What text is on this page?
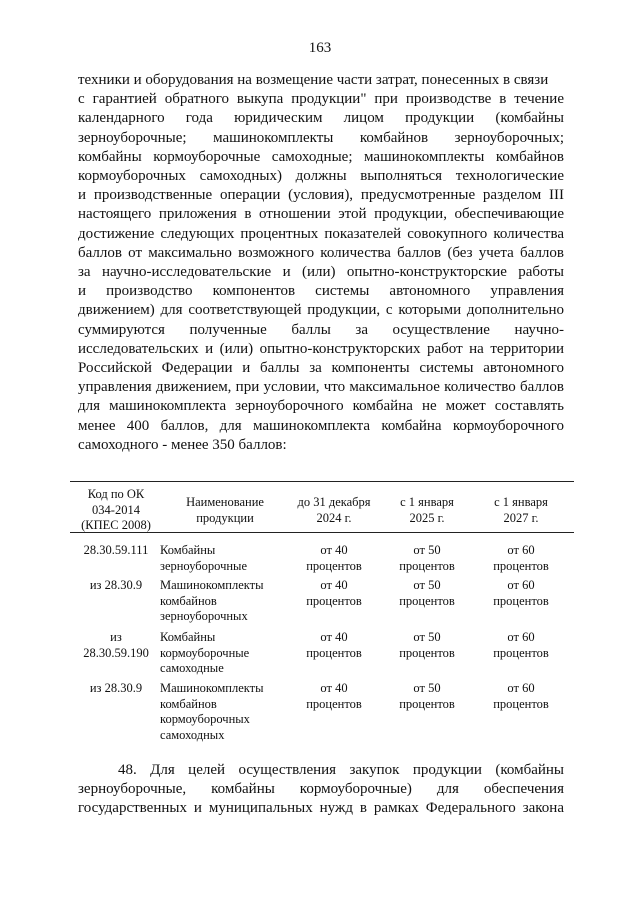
163

техники и оборудования на возмещение части затрат, понесенных в связи
с гарантией обратного выкупа продукции" при производстве в течение
календарного года юридическим лицом продукции (комбайны
зерноуборочные; машинокомплекты комбайнов зерноуборочных;
комбайны кормоуборочные самоходные; машинокомплекты комбайнов
кормоуборочных самоходных) должны выполняться технологические
и производственные операции (условия), предусмотренные разделом III
настоящего приложения в отношении этой продукции, обеспечивающие
достижение следующих процентных показателей совокупного количества
баллов от максимально возможного количества баллов (без учета баллов
за научно-исследовательские и (или) опытно-конструкторские работы
и производство компонентов системы автономного управления
движением) для соответствующей продукции, с которыми дополнительно
суммируются полученные баллы за осуществление научно-
исследовательских и (или) опытно-конструкторских работ на территории
Российской Федерации и баллы за компоненты системы автономного
управления движением, при условии, что максимальное количество баллов
для машинокомплекта зерноуборочного комбайна не может составлять
менее 400 баллов, для машинокомплекта комбайна кормоуборочного
самоходного - менее 350 баллов:

Код по ОК
034-2014
(КПЕС 2008)
Наименование
продукции
до 31 декабря
2024 г.
с 1 января
2025 г.
с 1 января
2027 г.
28.30.59.111 Комбайны
зерноуборочные
от 40
процентов
от 50
процентов
от 60
процентов
из 28.30.9	Машинокомплекты
комбайнов
зерноуборочных
от 40
процентов
от 50
процентов
от 60
процентов
из
28.30.59.190
Комбайны
кормоуборочные
самоходные
от 40
процентов
от 50
процентов
от 60
процентов
из 28.30.9	Машинокомплекты
комбайнов
кормоуборочных
самоходных
от 40
процентов
от 50
процентов
от 60
процентов

48. Для целей осуществления закупок продукции (комбайны
зерноуборочные, комбайны кормоуборочные) для обеспечения
государственных и муниципальных нужд в рамках Федерального закона
